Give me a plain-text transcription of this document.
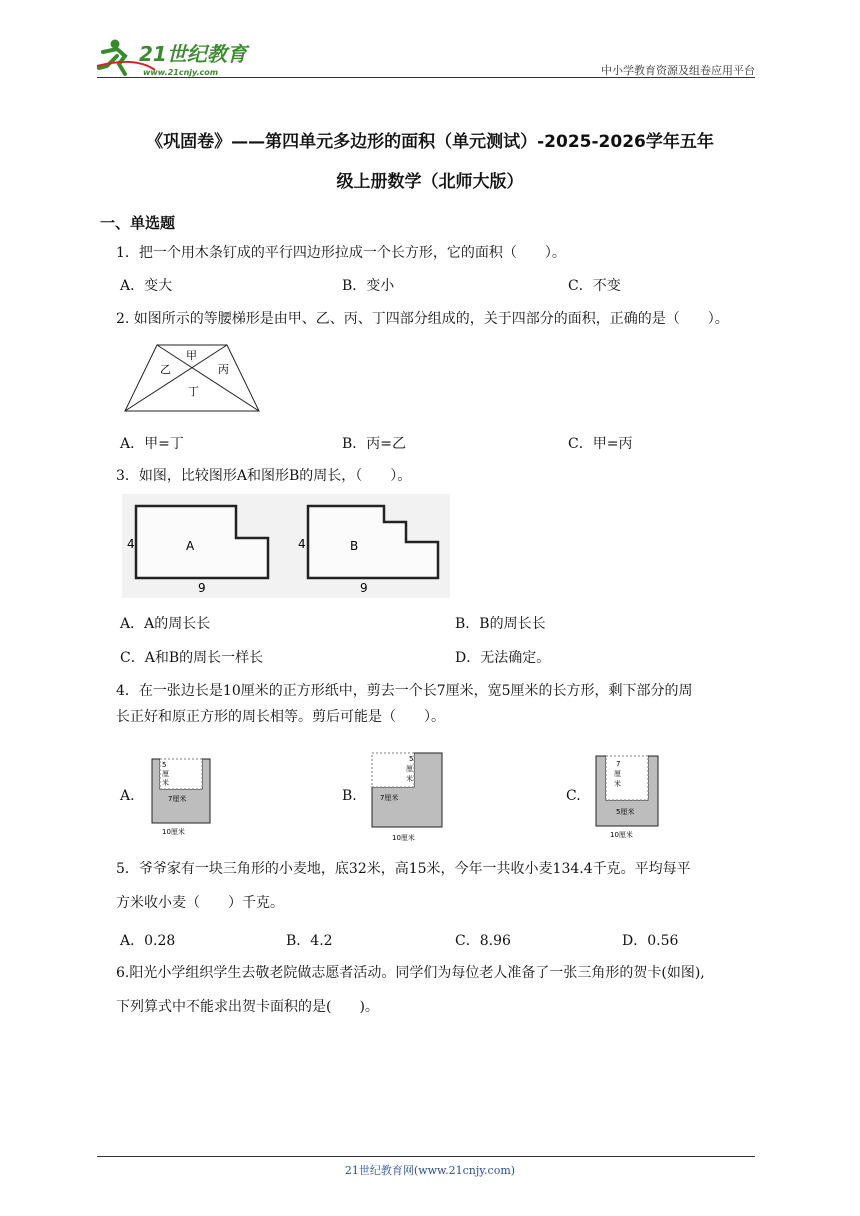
21世纪教育
www.21cnjy.com	中小学教育资源及组卷应用平台
《巩固卷》——第四单元多边形的面积（单元测试）-2025-2026学年五年
级上册数学（北师大版）
一、单选题
1．把一个用木条钉成的平行四边形拉成一个长方形，它的面积（　　）。
A．变大	B．变小	C．不变
2. 如图所示的等腰梯形是由甲、乙、丙、丁四部分组成的，关于四部分的面积，正确的是（　　）。
甲
乙	丙
丁
A．甲=丁	B．丙=乙	C．甲=丙
3．如图，比较图形A和图形B的周长，（　　）。
4	A
9
4	B
9
A．A的周长长	B．B的周长长
C．A和B的周长一样长	D．无法确定。
4．在一张边长是10厘米的正方形纸中，剪去一个长7厘米，宽5厘米的长方形，剩下部分的周
长正好和原正方形的周长相等。剪后可能是（　　）。
A.
5
厘
米
7厘米
10厘米
B.
5
厘
米
7厘米
10厘米
C.
7
厘
米
5厘米
10厘米
5．爷爷家有一块三角形的小麦地，底32米，高15米，今年一共收小麦134.4千克。平均每平
方米收小麦（　　）千克。
A．0.28	B．4.2	C．8.96	D．0.56
6.阳光小学组织学生去敬老院做志愿者活动。同学们为每位老人准备了一张三角形的贺卡(如图),
下列算式中不能求出贺卡面积的是(　　)。
21世纪教育网(www.21cnjy.com)
